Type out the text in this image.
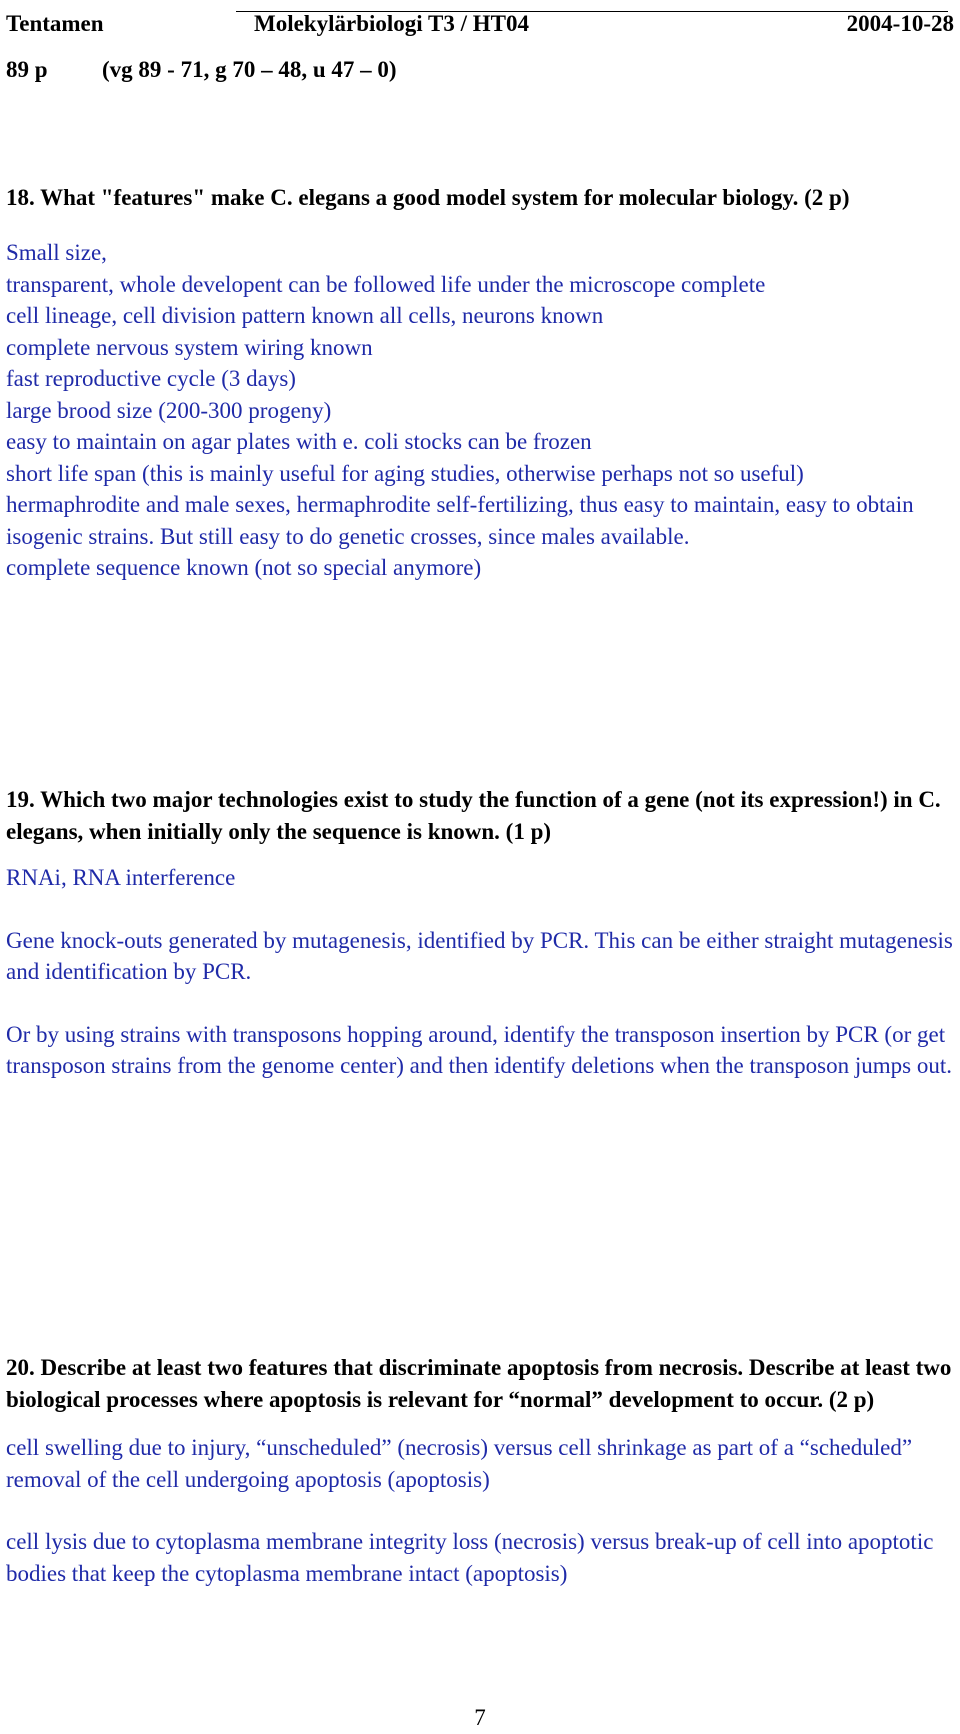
Tentamen	Molekylärbiologi T3 / HT04	2004-10-28
89 p (vg 89 - 71, g 70 – 48, u 47 – 0)

18. What "features" make C. elegans a good model system for molecular biology. (2 p)

Small size,
transparent, whole developent can be followed life under the microscope complete
cell lineage, cell division pattern known all cells, neurons known
complete nervous system wiring known
fast reproductive cycle (3 days)
large brood size (200-300 progeny)
easy to maintain on agar plates with e. coli stocks can be frozen
short life span (this is mainly useful for aging studies, otherwise perhaps not so useful)
hermaphrodite and male sexes, hermaphrodite self-fertilizing, thus easy to maintain, easy to obtain isogenic strains. But still easy to do genetic crosses, since males available.
complete sequence known (not so special anymore)

19. Which two major technologies exist to study the function of a gene (not its expression!) in C. elegans, when initially only the sequence is known. (1 p)

RNAi, RNA interference

Gene knock-outs generated by mutagenesis, identified by PCR. This can be either straight mutagenesis and identification by PCR.

Or by using strains with transposons hopping around, identify the transposon insertion by PCR (or get transposon strains from the genome center) and then identify deletions when the transposon jumps out.

20. Describe at least two features that discriminate apoptosis from necrosis. Describe at least two biological processes where apoptosis is relevant for “normal” development to occur. (2 p)

cell swelling due to injury, “unscheduled” (necrosis) versus cell shrinkage as part of a “scheduled” removal of the cell undergoing apoptosis (apoptosis)

cell lysis due to cytoplasma membrane integrity loss (necrosis) versus break-up of cell into apoptotic bodies that keep the cytoplasma membrane intact (apoptosis)

7
